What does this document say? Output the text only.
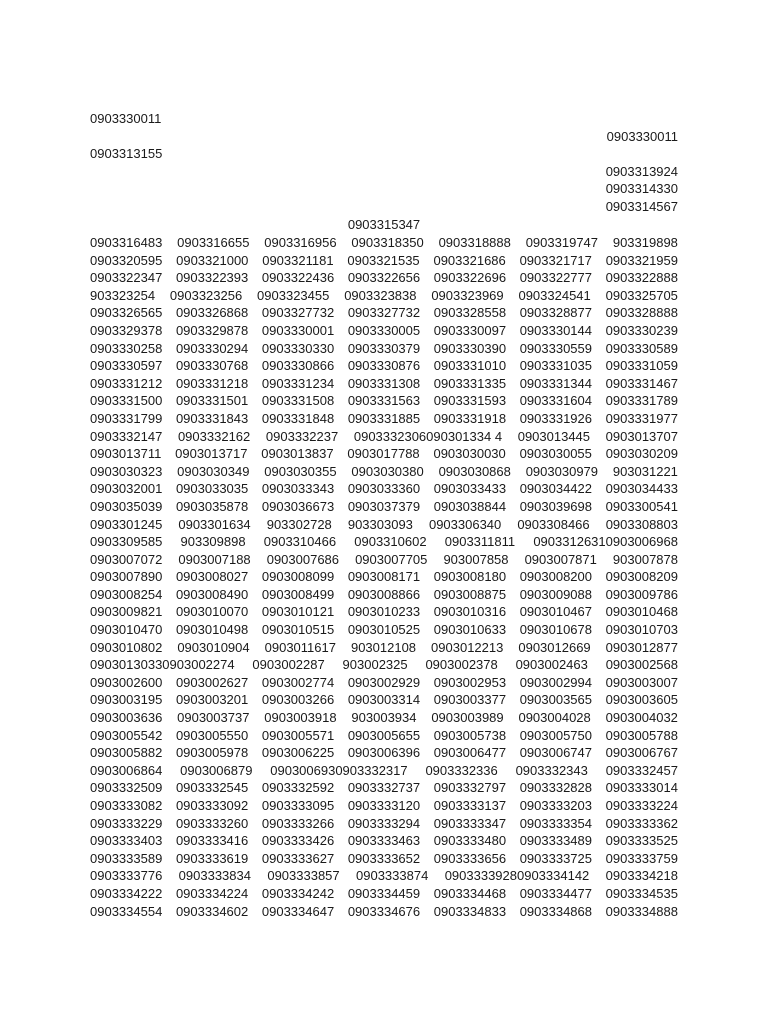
0903330011
0903330011
0903313155
0903313924
0903314330
0903314567
0903315347
0903316483 0903316655 0903316956 0903318350 0903318888 0903319747 903319898
0903320595 0903321000 0903321181 0903321535 0903321686 0903321717 0903321959
0903322347 0903322393 0903322436 0903322656 0903322696 0903322777 0903322888
903323254 0903323256 0903323455 0903323838 0903323969 0903324541 0903325705
0903326565 0903326868 0903327732 0903327732 0903328558 0903328877 0903328888
0903329378 0903329878 0903330001 0903330005 0903330097 0903330144 0903330239
0903330258 0903330294 0903330330 0903330379 0903330390 0903330559 0903330589
0903330597 0903330768 0903330866 0903330876 0903331010 0903331035 0903331059
0903331212 0903331218 0903331234 0903331308 0903331335 0903331344 0903331467
0903331500 0903331501 0903331508 0903331563 0903331593 0903331604 0903331789
0903331799 0903331843 0903331848 0903331885 0903331918 0903331926 0903331977
0903332147 0903332162 0903332237 0903332306090301334 4 0903013445 0903013707
0903013711 0903013717 0903013837 0903017788 0903030030 0903030055 0903030209
0903030323 0903030349 0903030355 0903030380 0903030868 0903030979 903031221
0903032001 0903033035 0903033343 0903033360 0903033433 0903034422 0903034433
0903035039 0903035878 0903036673 0903037379 0903038844 0903039698 0903300541
0903301245 0903301634 903302728 903303093 0903306340 0903308466 0903308803
0903309585 903309898 0903310466 0903310602 0903311811 09033126310903006968
0903007072 0903007188 0903007686 0903007705 903007858 0903007871 903007878
0903007890 0903008027 0903008099 0903008171 0903008180 0903008200 0903008209
0903008254 0903008490 0903008499 0903008866 0903008875 0903009088 0903009786
0903009821 0903010070 0903010121 0903010233 0903010316 0903010467 0903010468
0903010470 0903010498 0903010515 0903010525 0903010633 0903010678 0903010703
0903010802 0903010904 0903011617 903012108 0903012213 0903012669 0903012877
09030130330903002274 0903002287 903002325 0903002378 0903002463 0903002568
0903002600 0903002627 0903002774 0903002929 0903002953 0903002994 0903003007
0903003195 0903003201 0903003266 0903003314 0903003377 0903003565 0903003605
0903003636 0903003737 0903003918 903003934 0903003989 0903004028 0903004032
0903005542 0903005550 0903005571 0903005655 0903005738 0903005750 0903005788
0903005882 0903005978 0903006225 0903006396 0903006477 0903006747 0903006767
0903006864 0903006879 0903006930903332317 0903332336 0903332343 0903332457
0903332509 0903332545 0903332592 0903332737 0903332797 0903332828 0903333014
0903333082 0903333092 0903333095 0903333120 0903333137 0903333203 0903333224
0903333229 0903333260 0903333266 0903333294 0903333347 0903333354 0903333362
0903333403 0903333416 0903333426 0903333463 0903333480 0903333489 0903333525
0903333589 0903333619 0903333627 0903333652 0903333656 0903333725 0903333759
0903333776 0903333834 0903333857 0903333874 09033339280903334142 0903334218
0903334222 0903334224 0903334242 0903334459 0903334468 0903334477 0903334535
0903334554 0903334602 0903334647 0903334676 0903334833 0903334868 0903334888
